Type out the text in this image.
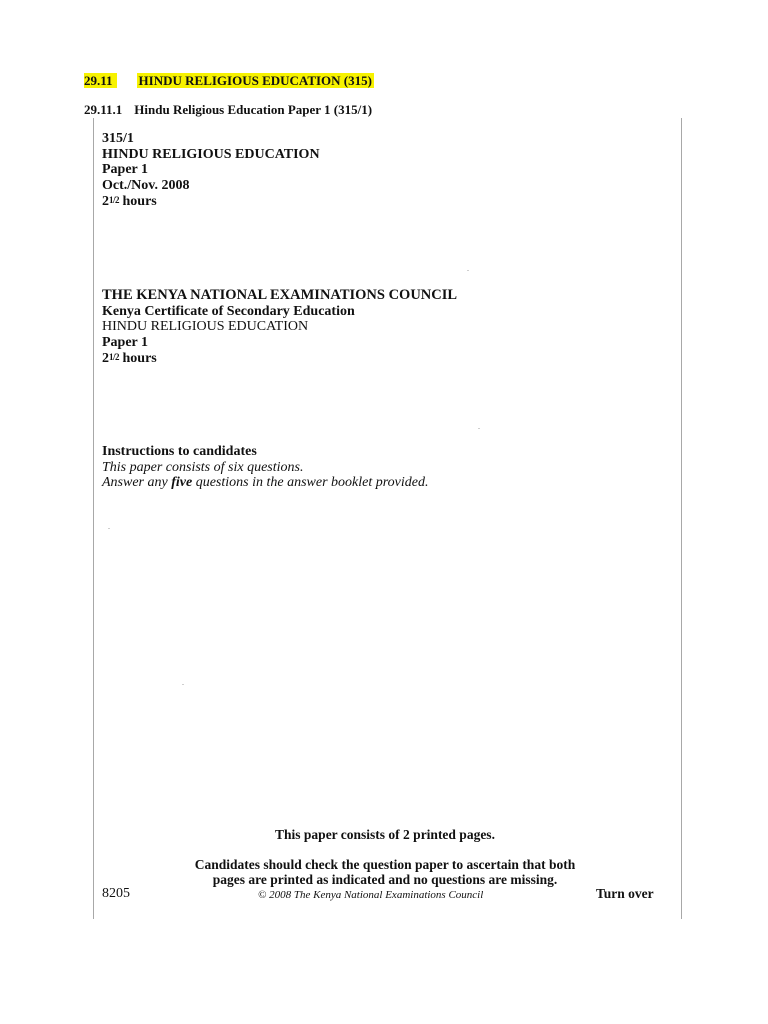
29.11 HINDU RELIGIOUS EDUCATION (315)
29.11.1 Hindu Religious Education Paper 1 (315/1)
315/1
HINDU RELIGIOUS EDUCATION
Paper 1
Oct./Nov. 2008
21/2 hours
THE KENYA NATIONAL EXAMINATIONS COUNCIL
Kenya Certificate of Secondary Education
HINDU RELIGIOUS EDUCATION
Paper 1
21/2 hours
Instructions to candidates
This paper consists of six questions.
Answer any five questions in the answer booklet provided.
This paper consists of 2 printed pages.
Candidates should check the question paper to ascertain that both
pages are printed as indicated and no questions are missing.
8205	© 2008 The Kenya National Examinations Council	Turn over
